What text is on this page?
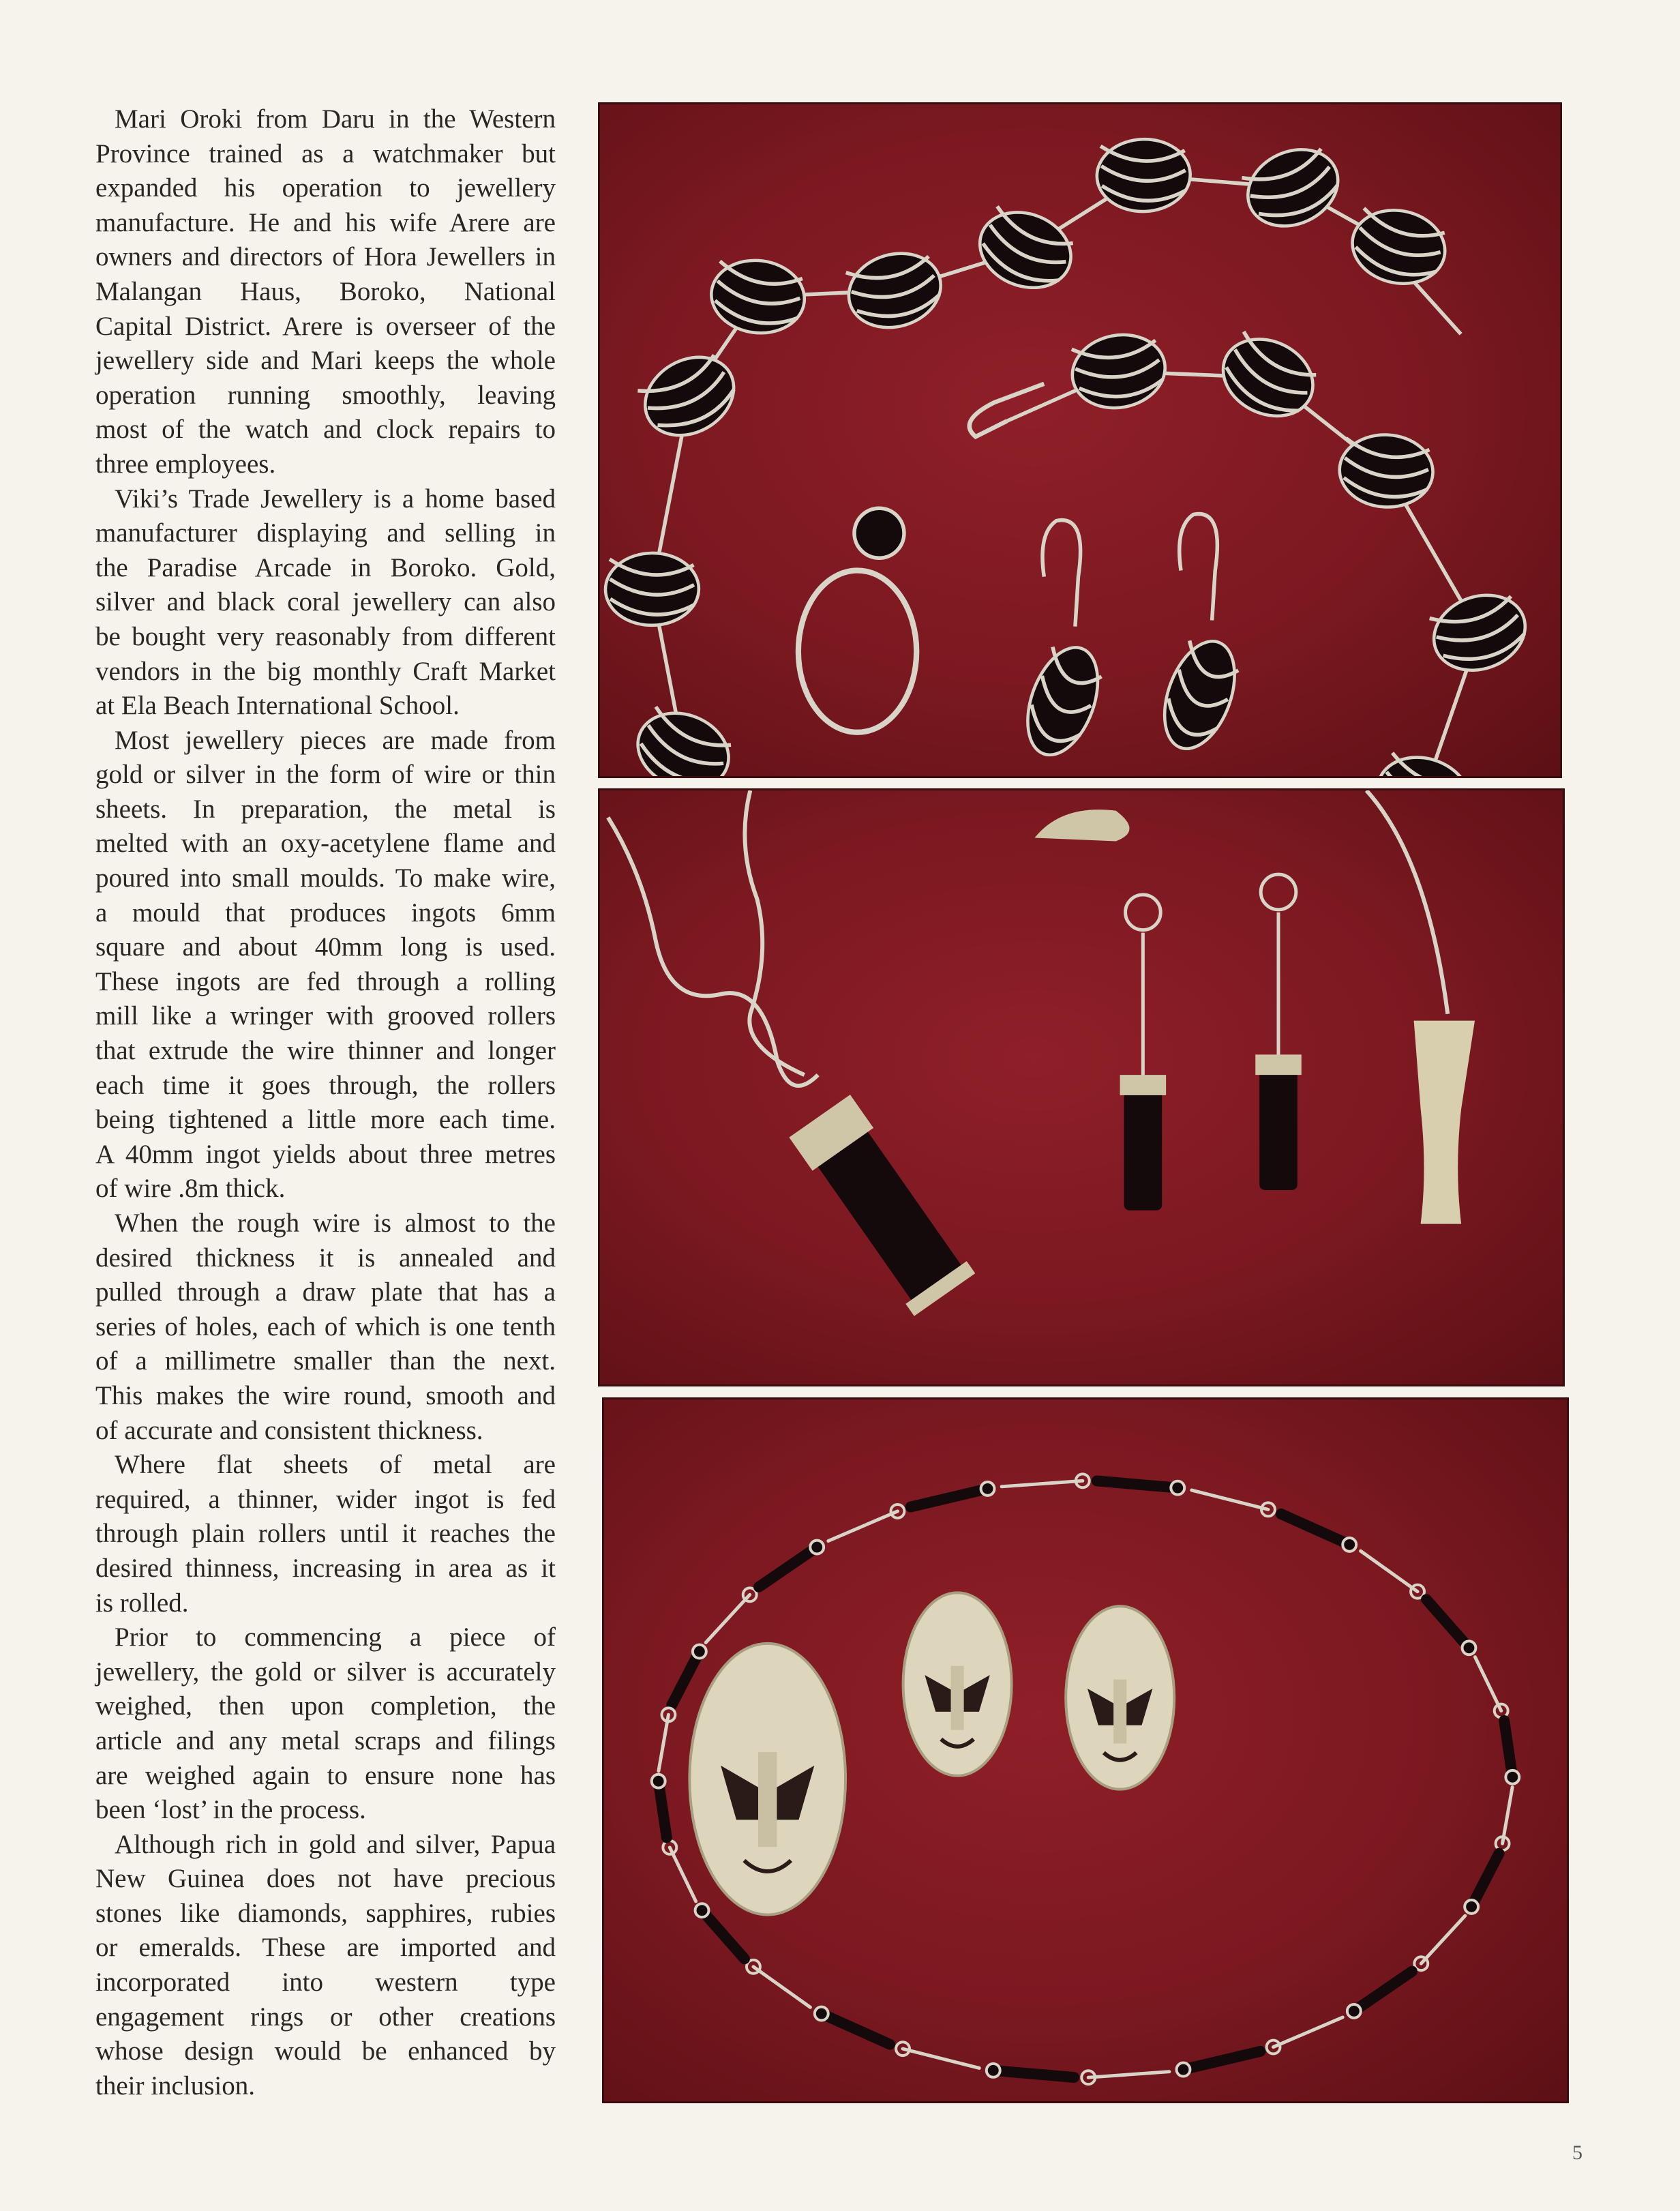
Mari Oroki from Daru in the Western
Province trained as a watchmaker but
expanded his operation to jewellery
manufacture. He and his wife Arere are
owners and directors of Hora Jewellers in
Malangan Haus, Boroko, National
Capital District. Arere is overseer of the
jewellery side and Mari keeps the whole
operation running smoothly, leaving
most of the watch and clock repairs to
three employees.
Viki’s Trade Jewellery is a home based
manufacturer displaying and selling in
the Paradise Arcade in Boroko. Gold,
silver and black coral jewellery can also
be bought very reasonably from different
vendors in the big monthly Craft Market
at Ela Beach International School.
Most jewellery pieces are made from
gold or silver in the form of wire or thin
sheets. In preparation, the metal is
melted with an oxy-acetylene flame and
poured into small moulds. To make wire,
a mould that produces ingots 6mm
square and about 40mm long is used.
These ingots are fed through a rolling
mill like a wringer with grooved rollers
that extrude the wire thinner and longer
each time it goes through, the rollers
being tightened a little more each time.
A 40mm ingot yields about three metres
of wire .8m thick.
When the rough wire is almost to the
desired thickness it is annealed and
pulled through a draw plate that has a
series of holes, each of which is one tenth
of a millimetre smaller than the next.
This makes the wire round, smooth and
of accurate and consistent thickness.
Where flat sheets of metal are
required, a thinner, wider ingot is fed
through plain rollers until it reaches the
desired thinness, increasing in area as it
is rolled.
Prior to commencing a piece of
jewellery, the gold or silver is accurately
weighed, then upon completion, the
article and any metal scraps and filings
are weighed again to ensure none has
been ‘lost’ in the process.
Although rich in gold and silver, Papua
New Guinea does not have precious
stones like diamonds, sapphires, rubies
or emeralds. These are imported and
incorporated into western type
engagement rings or other creations
whose design would be enhanced by
their inclusion.
5
